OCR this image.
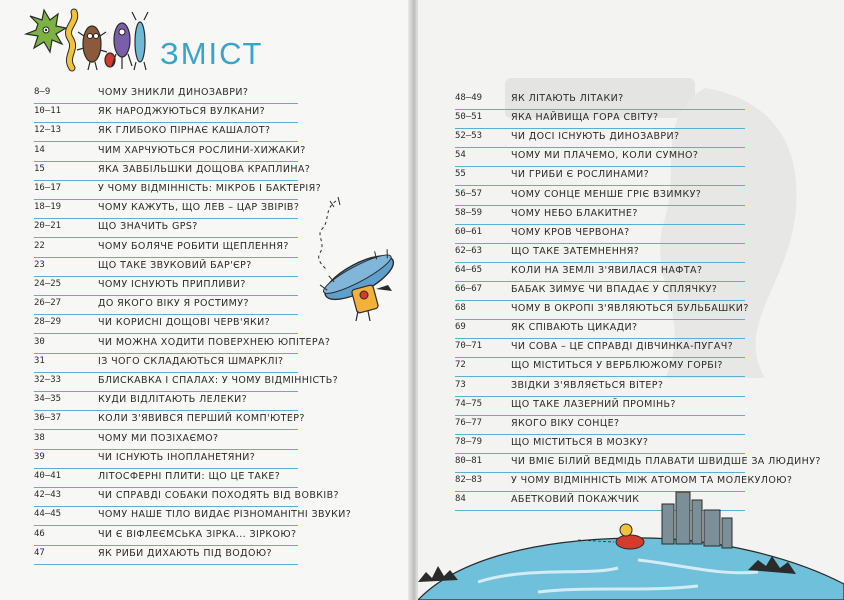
ЗМІСТ
8–9	ЧОМУ ЗНИКЛИ ДИНОЗАВРИ?
10–11	ЯК НАРОДЖУЮТЬСЯ ВУЛКАНИ?
12–13	ЯК ГЛИБОКО ПІРНАЄ КАШАЛОТ?
14	ЧИМ ХАРЧУЮТЬСЯ РОСЛИНИ-ХИЖАКИ?
15	ЯКА ЗАВБІЛЬШКИ ДОЩОВА КРАПЛИНА?
16–17	У ЧОМУ ВІДМІННІСТЬ: МІКРОБ І БАКТЕРІЯ?
18–19	ЧОМУ КАЖУТЬ, ЩО ЛЕВ – ЦАР ЗВІРІВ?
20–21	ЩО ЗНАЧИТЬ GPS?
22	ЧОМУ БОЛЯЧЕ РОБИТИ ЩЕПЛЕННЯ?
23	ЩО ТАКЕ ЗВУКОВИЙ БАР'ЄР?
24–25	ЧОМУ ІСНУЮТЬ ПРИПЛИВИ?
26–27	ДО ЯКОГО ВІКУ Я РОСТИМУ?
28–29	ЧИ КОРИСНІ ДОЩОВІ ЧЕРВ'ЯКИ?
30	ЧИ МОЖНА ХОДИТИ ПОВЕРХНЕЮ ЮПІТЕРА?
31	ІЗ ЧОГО СКЛАДАЮТЬСЯ ШМАРКЛІ?
32–33	БЛИСКАВКА І СПАЛАХ: У ЧОМУ ВІДМІННІСТЬ?
34–35	КУДИ ВІДЛІТАЮТЬ ЛЕЛЕКИ?
36–37	КОЛИ З'ЯВИВСЯ ПЕРШИЙ КОМП'ЮТЕР?
38	ЧОМУ МИ ПОЗІХАЄМО?
39	ЧИ ІСНУЮТЬ ІНОПЛАНЕТЯНИ?
40–41	ЛІТОСФЕРНІ ПЛИТИ: ЩО ЦЕ ТАКЕ?
42–43	ЧИ СПРАВДІ СОБАКИ ПОХОДЯТЬ ВІД ВОВКІВ?
44–45	ЧОМУ НАШЕ ТІЛО ВИДАЄ РІЗНОМАНІТНІ ЗВУКИ?
46	ЧИ Є ВІФЛЕЄМСЬКА ЗІРКА... ЗІРКОЮ?
47	ЯК РИБИ ДИХАЮТЬ ПІД ВОДОЮ?
48–49	ЯК ЛІТАЮТЬ ЛІТАКИ?
50–51	ЯКА НАЙВИЩА ГОРА СВІТУ?
52–53	ЧИ ДОСІ ІСНУЮТЬ ДИНОЗАВРИ?
54	ЧОМУ МИ ПЛАЧЕМО, КОЛИ СУМНО?
55	ЧИ ГРИБИ Є РОСЛИНАМИ?
56–57	ЧОМУ СОНЦЕ МЕНШЕ ГРІЄ ВЗИМКУ?
58–59	ЧОМУ НЕБО БЛАКИТНЕ?
60–61	ЧОМУ КРОВ ЧЕРВОНА?
62–63	ЩО ТАКЕ ЗАТЕМНЕННЯ?
64–65	КОЛИ НА ЗЕМЛІ З'ЯВИЛАСЯ НАФТА?
66–67	БАБАК ЗИМУЄ ЧИ ВПАДАЄ У СПЛЯЧКУ?
68	ЧОМУ В ОКРОПІ З'ЯВЛЯЮТЬСЯ БУЛЬБАШКИ?
69	ЯК СПІВАЮТЬ ЦИКАДИ?
70–71	ЧИ СОВА – ЦЕ СПРАВДІ ДІВЧИНКА-ПУГАЧ?
72	ЩО МІСТИТЬСЯ У ВЕРБЛЮЖОМУ ГОРБІ?
73	ЗВІДКИ З'ЯВЛЯЄТЬСЯ ВІТЕР?
74–75	ЩО ТАКЕ ЛАЗЕРНИЙ ПРОМІНЬ?
76–77	ЯКОГО ВІКУ СОНЦЕ?
78–79	ЩО МІСТИТЬСЯ В МОЗКУ?
80–81	ЧИ ВМІЄ БІЛИЙ ВЕДМІДЬ ПЛАВАТИ ШВИДШЕ ЗА ЛЮДИНУ?
82–83	У ЧОМУ ВІДМІННІСТЬ МІЖ АТОМОМ ТА МОЛЕКУЛОЮ?
84	АБЕТКОВИЙ ПОКАЖЧИК
